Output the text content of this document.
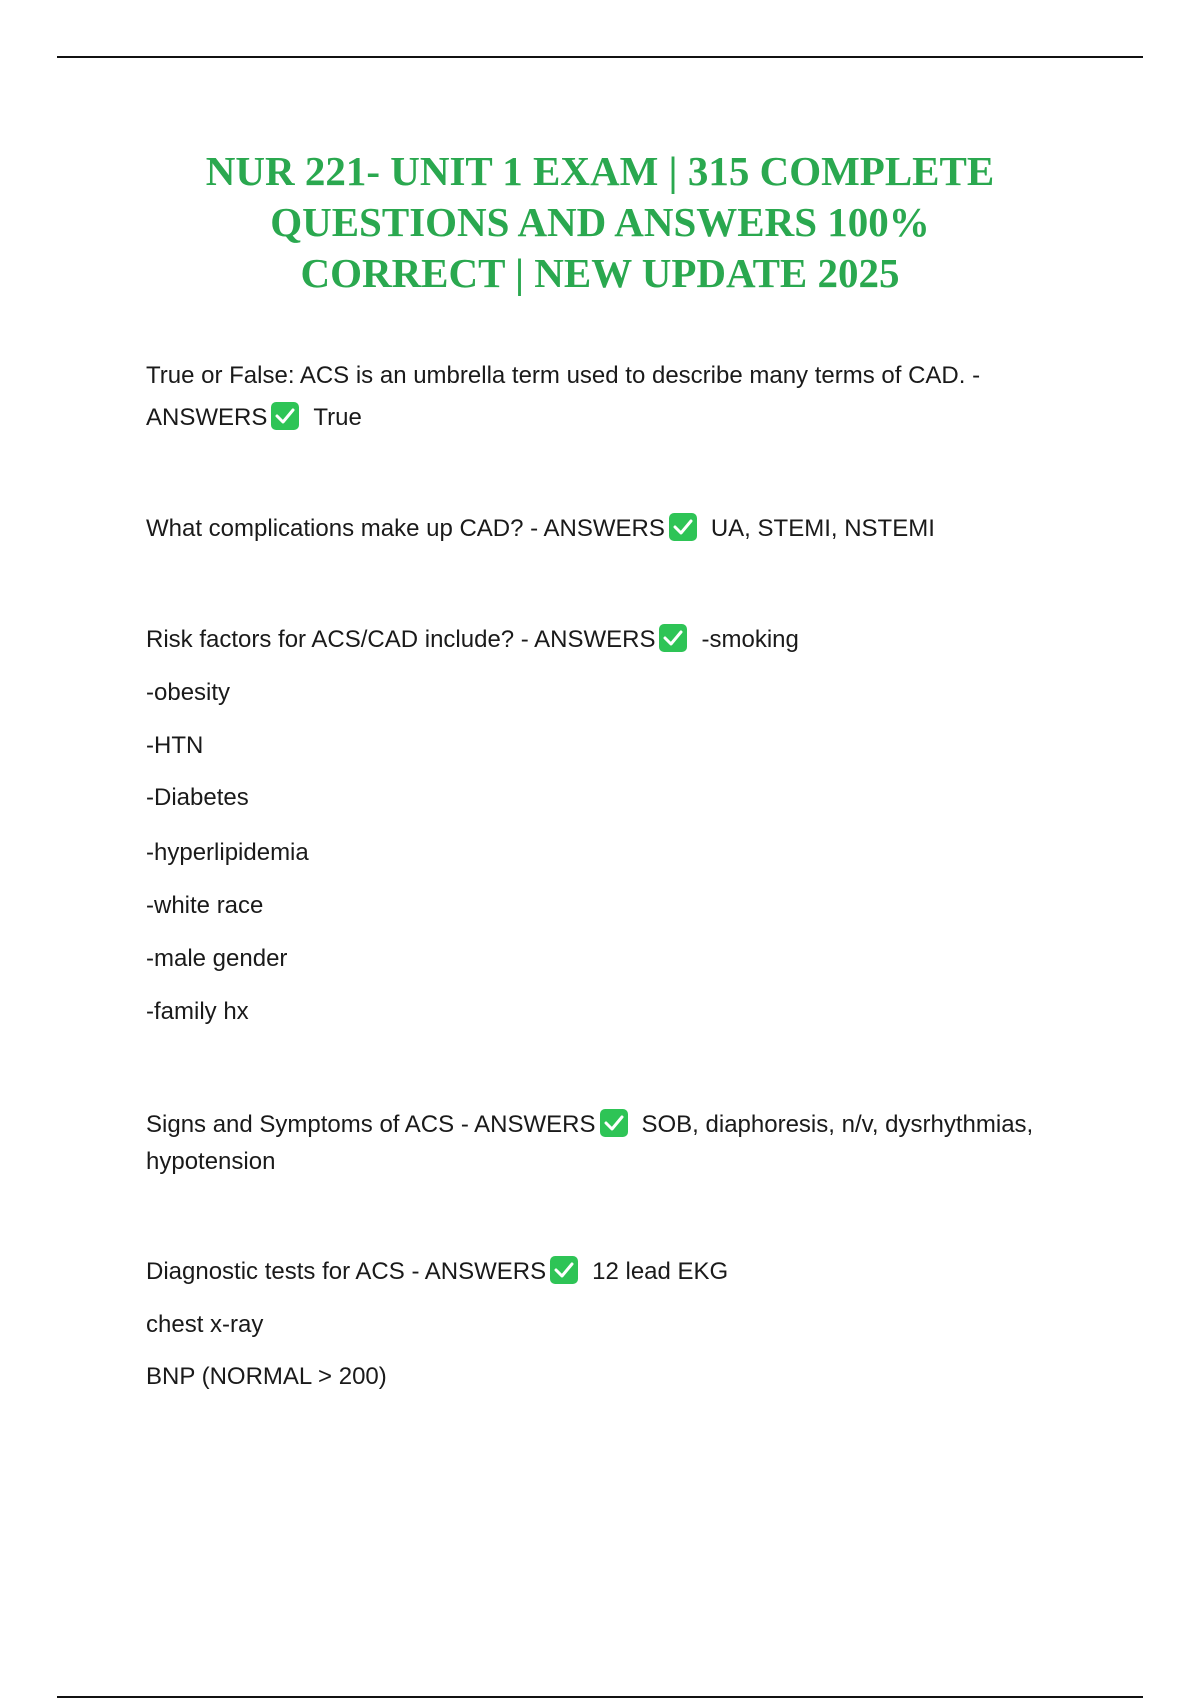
NUR 221- UNIT 1 EXAM | 315 COMPLETE
QUESTIONS AND ANSWERS 100%
CORRECT | NEW UPDATE 2025
True or False: ACS is an umbrella term used to describe many terms of CAD. -
ANSWERS True
What complications make up CAD? - ANSWERS UA, STEMI, NSTEMI
Risk factors for ACS/CAD include? - ANSWERS -smoking
-obesity
-HTN
-Diabetes
-hyperlipidemia
-white race
-male gender
-family hx
Signs and Symptoms of ACS - ANSWERS SOB, diaphoresis, n/v, dysrhythmias,
hypotension
Diagnostic tests for ACS - ANSWERS 12 lead EKG
chest x-ray
BNP (NORMAL > 200)
